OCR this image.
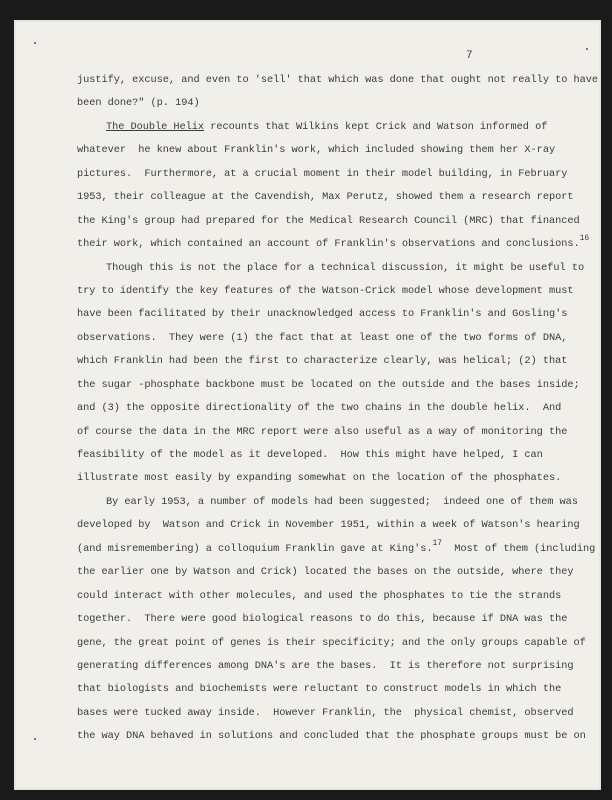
7
justify, excuse, and even to 'sell' that which was done that ought not really to have
been done?" (p. 194)
The Double Helix recounts that Wilkins kept Crick and Watson informed of
whatever  he knew about Franklin's work, which included showing them her X-ray
pictures.  Furthermore, at a crucial moment in their model building, in February
1953, their colleague at the Cavendish, Max Perutz, showed them a research report
the King's group had prepared for the Medical Research Council (MRC) that financed
their work, which contained an account of Franklin's observations and conclusions.$^{16}$
Though this is not the place for a technical discussion, it might be useful to
try to identify the key features of the Watson-Crick model whose development must
have been facilitated by their unacknowledged access to Franklin's and Gosling's
observations.  They were (1) the fact that at least one of the two forms of DNA,
which Franklin had been the first to characterize clearly, was helical; (2) that
the sugar -phosphate backbone must be located on the outside and the bases inside;
and (3) the opposite directionality of the two chains in the double helix.  And
of course the data in the MRC report were also useful as a way of monitoring the
feasibility of the model as it developed.  How this might have helped, I can
illustrate most easily by expanding somewhat on the location of the phosphates.
By early 1953, a number of models had been suggested;  indeed one of them was
developed by  Watson and Crick in November 1951, within a week of Watson's hearing
(and misremembering) a colloquium Franklin gave at King's.$^{17}$ Most of them (including
the earlier one by Watson and Crick) located the bases on the outside, where they
could interact with other molecules, and used the phosphates to tie the strands
together.  There were good biological reasons to do this, because if DNA was the
gene, the great point of genes is their specificity; and the only groups capable of
generating differences among DNA's are the bases.  It is therefore not surprising
that biologists and biochemists were reluctant to construct models in which the
bases were tucked away inside.  However Franklin, the  physical chemist, observed
the way DNA behaved in solutions and concluded that the phosphate groups must be on
